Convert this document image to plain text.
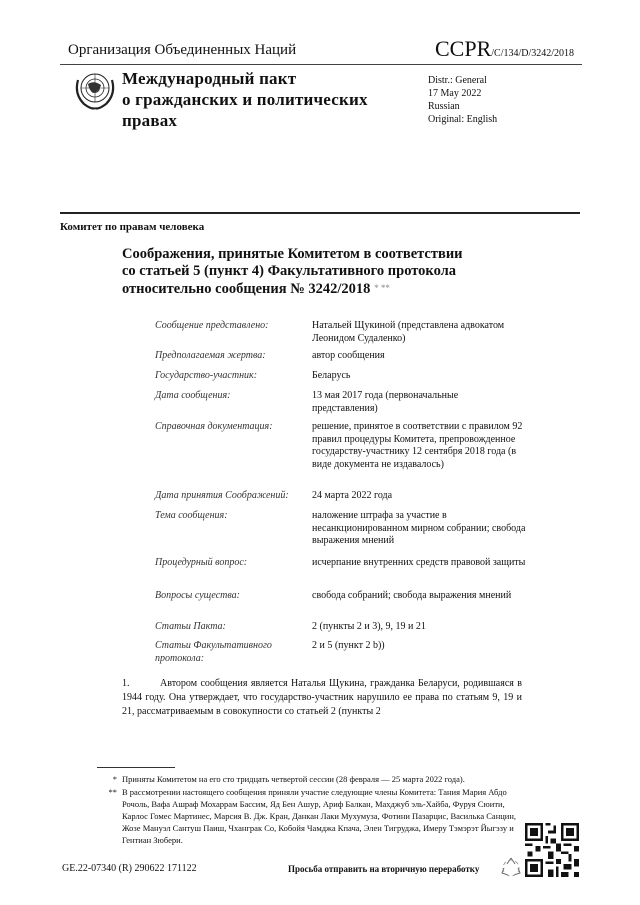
Организация Объединенных Наций	CCPR/C/134/D/3242/2018
Международный пакт
о гражданских и политических
правах
Distr.: General
17 May 2022
Russian
Original: English
Комитет по правам человека
Соображения, принятые Комитетом в соответствии
со статьей 5 (пункт 4) Факультативного протокола
относительно сообщения № 3242/2018 * **
Сообщение представлено:	Натальей Щукиной (представлена адвокатом Леонидом Судаленко)
Предполагаемая жертва:	автор сообщения
Государство-участник:	Беларусь
Дата сообщения:	13 мая 2017 года (первоначальные представления)
Справочная документация:	решение, принятое в соответствии с правилом 92 правил процедуры Комитета, препровожденное государству-участнику 12 сентября 2018 года (в виде документа не издавалось)
Дата принятия Соображений:	24 марта 2022 года
Тема сообщения:	наложение штрафа за участие в несанкционированном мирном собрании; свобода выражения мнений
Процедурный вопрос:	исчерпание внутренних средств правовой защиты
Вопросы существа:	свобода собраний; свобода выражения мнений
Статьи Пакта:	2 (пункты 2 и 3), 9, 19 и 21
Статьи Факультативного протокола:
2 и 5 (пункт 2 b))
1.	Автором сообщения является Наталья Щукина, гражданка Беларуси, родившаяся в 1944 году. Она утверждает, что государство-участник нарушило ее права по статьям 9, 19 и 21, рассматриваемым в совокупности со статьей 2 (пункты 2
* Приняты Комитетом на его сто тридцать четвертой сессии (28 февраля — 25 марта 2022 года).
** В рассмотрении настоящего сообщения приняли участие следующие члены Комитета: Тания Мария Абдо Рочоль, Вафа Ашраф Мохаррам Бассим, Яд Бен Ашур, Ариф Балкан, Махджуб эль-Хайба, Фуруя Сюити, Карлос Гомес Мартинес, Марсия В. Дж. Кран, Данкан Лаки Мухумуза, Фотини Пазарцис, Василька Санцин, Жозе Мануэл Сантуш Паиш, Чханграк Со, Кобойя Чамджа Кпача, Элен Тигруджа, Имеру Тэмэрэт Йыгэзу и Гентиан Зюбери.
GE.22-07340 (R) 290622 171122	Просьба отправить на вторичную переработку
